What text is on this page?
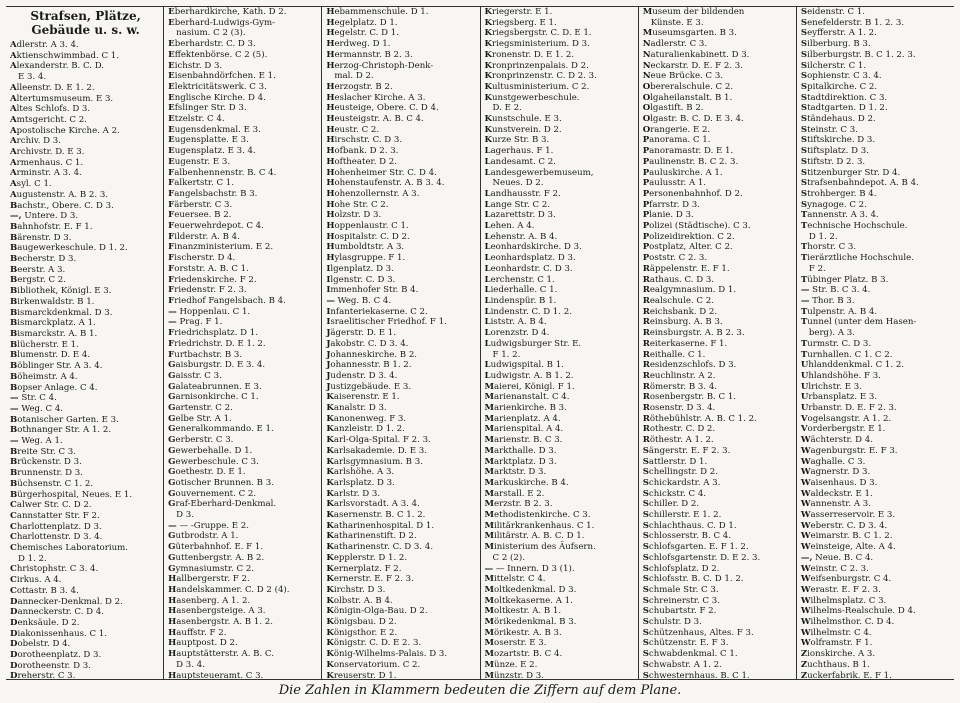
Strafsen, Plätze,
Gebäude u. s. w.
Adlerstr. A 3. 4.
Aktienschwimmbad. C 1.
Alexanderstr. B. C. D.
E 3. 4.
Alleenstr. D. E 1. 2.
Altertumsmuseum. E 3.
Altes Schlofs. D 3.
Amtsgericht. C 2.
Apostolische Kirche. A 2.
Archiv. D 3.
Archivstr. D. E 3.
Armenhaus. C 1.
Arminstr. A 3. 4.
Asyl. C 1.
Augustenstr. A. B 2. 3.
Bachstr., Obere. C. D 3.
—, Untere. D 3.
Bahnhofstr. E. F 1.
Bärenstr. D 3.
Baugewerkeschule. D 1. 2.
Becherstr. D 3.
Beerstr. A 3.
Bergstr. C 2.
Bibliothek, Königl. E 3.
Birkenwaldstr. B 1.
Bismarckdenkmal. D 3.
Bismarckplatz. A 1.
Bismarckstr. A. B 1.
Blücherstr. E 1.
Blumenstr. D. E 4.
Böblinger Str. A 3. 4.
Böheimstr. A 4.
Bopser Anlage. C 4.
— Str. C 4.
— Weg. C 4.
Botanischer Garten. E 3.
Bothnanger Str. A 1. 2.
— Weg. A 1.
Breite Str. C 3.
Brückenstr. D 3.
Brunnenstr. D 3.
Büchsenstr. C 1. 2.
Bürgerhospital, Neues. E 1.
Calwer Str. C. D 2.
Cannstatter Str. F 2.
Charlottenplatz. D 3.
Charlottenstr. D 3. 4.
Chemisches Laboratorium.
D 1. 2.
Christophstr. C 3. 4.
Cirkus. A 4.
Cottastr. B 3. 4.
Dannecker-Denkmal. D 2.
Danneckerstr. C. D 4.
Denksäule. D 2.
Diakonissenhaus. C 1.
Dobelstr. D 4.
Dorotheenplatz. D 3.
Dorotheenstr. D 3.
Dreherstr. C 3.
Eberhardkirche, Kath. D 2.
Eberhard-Ludwigs-Gym-
nasium. C 2 (3).
Eberhardstr. C. D 3.
Effektenbörse. C 2 (5).
Eichstr. D 3.
Eisenbahndörfchen. E 1.
Elektricitätswerk. C 3.
Englische Kirche. D 4.
Efslinger Str. D 3.
Etzelstr. C 4.
Eugensdenkmal. E 3.
Eugensplatte. E 3.
Eugensplatz. E 3. 4.
Eugenstr. E 3.
Falbenhennenstr. B. C 4.
Falkertstr. C 1.
Fangelsbachstr. B 3.
Färberstr. C 3.
Feuersee. B 2.
Feuerwehrdepot. C 4.
Filderstr. A. B 4.
Finanzministerium. E 2.
Fischerstr. D 4.
Forststr. A. B. C 1.
Friedenskirche. F 2.
Friedenstr. F 2. 3.
Friedhof Fangelsbach. B 4.
— Hoppenlau. C 1.
— Prag. F 1.
Friedrichsplatz. D 1.
Friedrichstr. D. E 1. 2.
Furtbachstr. B 3.
Gaisburgstr. D. E 3. 4.
Gaisstr. C 3.
Galateabrunnen. E 3.
Garnisonkirche. C 1.
Gartenstr. C 2.
Gelbe Str. A 1.
Generalkommando. E 1.
Gerberstr. C 3.
Gewerbehalle. D 1.
Gewerbeschule. C 3.
Goethestr. D. E 1.
Gotischer Brunnen. B 3.
Gouvernement. C 2.
Graf-Eberhard-Denkmal.
D 3.
— — -Gruppe. E 2.
Gutbrodstr. A 1.
Güterbahnhof. E. F 1.
Guttenbergstr. A. B 2.
Gymnasiumstr. C 2.
Hallbergerstr. F 2.
Handelskammer. C. D 2 (4).
Hasenberg. A 1. 2.
Hasenbergsteige. A 3.
Hasenbergstr. A. B 1. 2.
Hauffstr. F 2.
Hauptpost. D 2.
Hauptstätterstr. A. B. C.
D 3. 4.
Hauptsteueramt. C 3.
Hebammenschule. D 1.
Hegelplatz. D 1.
Hegelstr. C. D 1.
Herdweg. D 1.
Hermannstr. B 2. 3.
Herzog-Christoph-Denk-
mal. D 2.
Herzogstr. B 2.
Heslacher Kirche. A 3.
Heusteige, Obere. C. D 4.
Heusteigstr. A. B. C 4.
Heustr. C 2.
Hirschstr. C. D 3.
Hofbank. D 2. 3.
Hoftheater. D 2.
Hohenheimer Str. C. D 4.
Hohenstaufenstr. A. B 3. 4.
Hohenzollernstr. A 3.
Hohe Str. C 2.
Holzstr. D 3.
Hoppenlaustr. C 1.
Hospitalstr. C. D 2.
Humboldtstr. A 3.
Hylasgruppe. F 1.
Ilgenplatz. D 3.
Ilgenstr. C. D 3.
Immenhofer Str. B 4.
— Weg. B. C 4.
Infanteriekaserne. C 2.
Israelitischer Friedhof. F 1.
Jägerstr. D. E 1.
Jakobstr. C. D 3. 4.
Johanneskirche. B 2.
Johannesstr. B 1. 2.
Judenstr. D 3. 4.
Justizgebäude. E 3.
Kaiserenstr. E 1.
Kanalstr. D 3.
Kanonenweg. F 3.
Kanzleistr. D 1. 2.
Karl-Olga-Spital. F 2. 3.
Karlsakademie. D. E 3.
Karlsgymnasium. B 3.
Karlshöhe. A 3.
Karlsplatz. D 3.
Karlstr. D 3.
Karlsvorstadt. A 3. 4.
Kasernenstr. B. C 1. 2.
Katharinenhospital. D 1.
Katharinenstift. D 2.
Katharinenstr. C. D 3. 4.
Kepplerstr. D 1. 2.
Kernerplatz. F 2.
Kernerstr. E. F 2. 3.
Kirchstr. D 3.
Kolbstr. A. B 4.
Königin-Olga-Bau. D 2.
Königsbau. D 2.
Königsthor. E 2.
Königstr. C. D. E 2. 3.
König-Wilhelms-Palais. D 3.
Konservatorium. C 2.
Kreuserstr. D 1.
Kriegerstr. E 1.
Kriegsberg. E 1.
Kriegsbergstr. C. D. E 1.
Kriegsministerium. D 3.
Kronenstr. D. E 1. 2.
Kronprinzenpalais. D 2.
Kronprinzenstr. C. D 2. 3.
Kultusministerium. C 2.
Kunstgewerbeschule.
D. E 2.
Kunstschule. E 3.
Kunstverein. D 2.
Kurze Str. B 3.
Lagerhaus. F 1.
Landesamt. C 2.
Landesgewerbemuseum,
Neues. D 2.
Landhausstr. F 2.
Lange Str. C 2.
Lazarettstr. D 3.
Lehen. A 4.
Lehenstr. A. B 4.
Leonhardskirche. D 3.
Leonhardsplatz. D 3.
Leonhardstr. C. D 3.
Lerchenstr. C 1.
Liederhalle. C 1.
Lindenspür. B 1.
Lindenstr. C. D 1. 2.
Liststr. A. B 4.
Lorenzstr. D 4.
Ludwigsburger Str. E.
F 1. 2.
Ludwigspital. B 1.
Ludwigstr. A. B 1. 2.
Maierei, Königl. F 1.
Marienanstalt. C 4.
Marienkirche. B 3.
Marienplatz. A 4.
Marienspital. A 4.
Marienstr. B. C 3.
Markthalle. D 3.
Marktplatz. D 3.
Marktstr. D 3.
Markuskirche. B 4.
Marstall. E 2.
Merzstr. B 2. 3.
Methodistenkirche. C 3.
Militärkrankenhaus. C 1.
Militärstr. A. B. C. D 1.
Ministerium des Äufsern.
C 2 (2).
— — Innern. D 3 (1).
Mittelstr. C 4.
Moltkedenkmal. D 3.
Moltkekaserne. A 1.
Moltkestr. A. B 1.
Mörikedenkmal. B 3.
Mörikestr. A. B 3.
Moserstr. E 3.
Mozartstr. B. C 4.
Münze. E 2.
Münzstr. D 3.
Museum der bildenden
Künste. E 3.
Museumsgarten. B 3.
Nadlerstr. C 3.
Naturalienkabinett. D 3.
Neckarstr. D. E. F 2. 3.
Neue Brücke. C 3.
Obereralschule. C 2.
Olgaheilanstalt. B 1.
Olgastift. B 2.
Olgastr. B. C. D. E 3. 4.
Orangerie. E 2.
Panorama. C 1.
Panoramastr. D. E 1.
Paulinenstr. B. C 2. 3.
Pauluskirche. A 1.
Paulusstr. A 1.
Personenbahnhof. D 2.
Pfarrstr. D 3.
Planie. D 3.
Polizei (Städtische). C 3.
Polizeidirektion. C 2.
Postplatz, Alter. C 2.
Poststr. C 2. 3.
Räppelenstr. E. F 1.
Rathaus. C. D 3.
Realgymnasium. D 1.
Realschule. C 2.
Reichsbank. D 2.
Reinsburg. A. B 3.
Reinsburgstr. A. B 2. 3.
Reiterkaserne. F 1.
Reithalle. C 1.
Residenzschlofs. D 3.
Reuchlinstr. A 2.
Römerstr. B 3. 4.
Rosenbergstr. B. C 1.
Rosenstr. D 3. 4.
Röthebühlstr. A. B. C 1. 2.
Rothestr. C. D 2.
Röthestr. A 1. 2.
Sängerstr. E. F 2. 3.
Sattlerstr. D 1.
Schellingstr. D 2.
Schickardstr. A 3.
Schickstr. C 4.
Schiller. D 2.
Schillerstr. E 1. 2.
Schlachthaus. C. D 1.
Schlosserstr. B. C 4.
Schlofsgarten. E. F 1. 2.
Schlofsgartenstr. D. E 2. 3.
Schlofsplatz. D 2.
Schlofsstr. B. C. D 1. 2.
Schmale Str. C 3.
Schreinerstr. C 3.
Schubartstr. F 2.
Schulstr. D 3.
Schützenhaus, Altes. F 3.
Schützenstr. E. F 3.
Schwabdenkmal. C 1.
Schwabstr. A 1. 2.
Schwesternhaus. B. C 1.
Seidenstr. C 1.
Senefelderstr. B 1. 2. 3.
Seyfferstr. A 1. 2.
Silberburg. B 3.
Silberburgstr. B. C 1. 2. 3.
Silcherstr. C 1.
Sophienstr. C 3. 4.
Spitalkirche. C 2.
Stadtdirektion. C 3.
Stadtgarten. D 1. 2.
Ständehaus. D 2.
Steinstr. C 3.
Stiftskirche. D 3.
Stiftsplatz. D 3.
Stiftstr. D 2. 3.
Stitzenburger Str. D 4.
Strafsenbahndepot. A. B 4.
Strohberger. B 4.
Synagoge. C 2.
Tannenstr. A 3. 4.
Technische Hochschule.
D 1. 2.
Thorstr. C 3.
Tierärztliche Hochschule.
F 2.
Tübinger Platz. B 3.
— Str. B. C 3. 4.
— Thor. B 3.
Tulpenstr. A. B 4.
Tunnel (unter dem Hasen-
berg). A 3.
Turmstr. C. D 3.
Turnhallen. C 1. C 2.
Uhlanddenkmal. C 1. 2.
Uhlandshöhe. F 3.
Ulrichstr. E 3.
Urbansplatz. E 3.
Urbanstr. D. E. F 2. 3.
Vogelsangstr. A 1. 2.
Vorderbergstr. E 1.
Wächterstr. D 4.
Wagenburgstr. E. F 3.
Waghalle. C 3.
Wagnerstr. D 3.
Waisenhaus. D 3.
Waldeckstr. E 1.
Wannenstr. A 3.
Wasserreservoir. E 3.
Weberstr. C. D 3. 4.
Weimarstr. B. C 1. 2.
Weinsteige, Alte. A 4.
—, Neue. B. C 4.
Weinstr. C 2. 3.
Weifsenburgstr. C 4.
Werastr. E. F 2. 3.
Wilhelmsplatz. C 3.
Wilhelms-Realschule. D 4.
Wilhelmsthor. C. D 4.
Wilhelmstr. C 4.
Wolframstr. F 1.
Zionskirche. A 3.
Zuchthaus. B 1.
Zuckerfabrik. E. F 1.
Die Zahlen in Klammern bedeuten die Ziffern auf dem Plane.
